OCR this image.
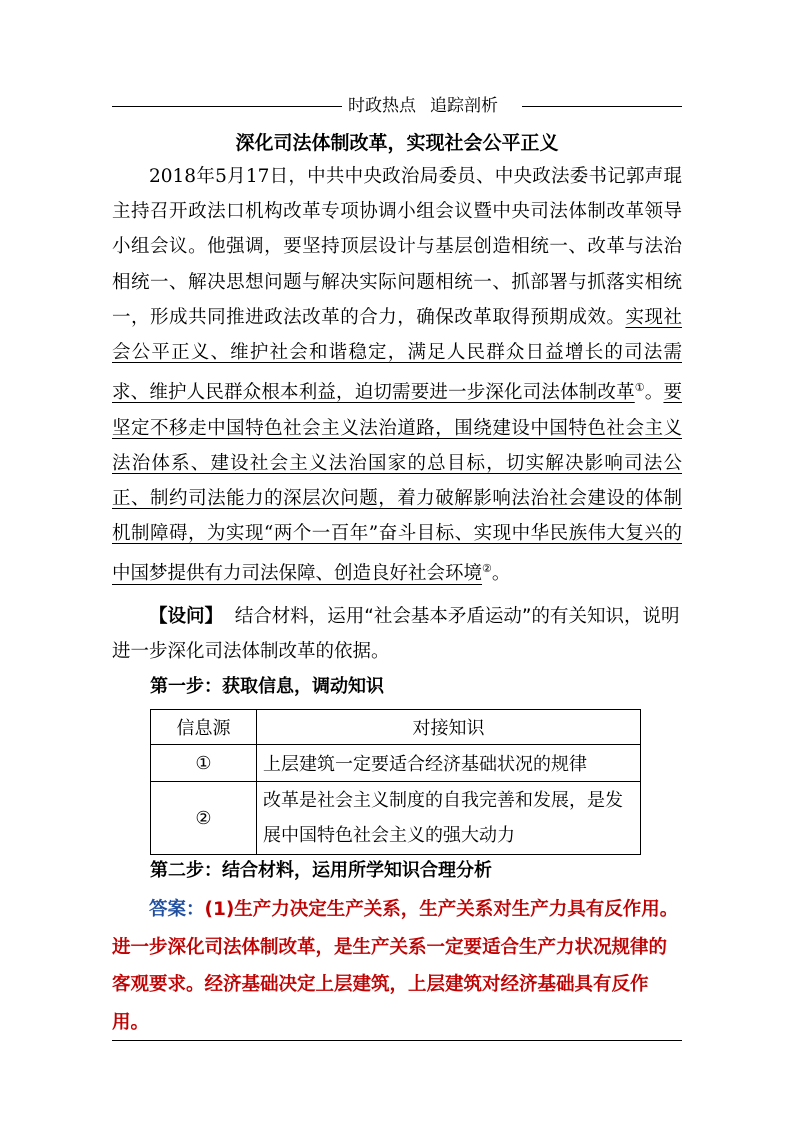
时政热点 追踪剖析
深化司法体制改革，实现社会公平正义

2018年5月17日，中共中央政治局委员、中央政法委书记郭声琨主持召开政法口机构改革专项协调小组会议暨中央司法体制改革领导小组会议。他强调，要坚持顶层设计与基层创造相统一、改革与法治相统一、解决思想问题与解决实际问题相统一、抓部署与抓落实相统一，形成共同推进政法改革的合力，确保改革取得预期成效。实现社会公平正义、维护社会和谐稳定，满足人民群众日益增长的司法需求、维护人民群众根本利益，迫切需要进一步深化司法体制改革①。要坚定不移走中国特色社会主义法治道路，围绕建设中国特色社会主义法治体系、建设社会主义法治国家的总目标，切实解决影响司法公正、制约司法能力的深层次问题，着力破解影响法治社会建设的体制机制障碍，为实现“两个一百年”奋斗目标、实现中华民族伟大复兴的中国梦提供有力司法保障、创造良好社会环境②。

【设问】 结合材料，运用“社会基本矛盾运动”的有关知识，说明进一步深化司法体制改革的依据。

第一步：获取信息，调动知识
信息源	对接知识
①	上层建筑一定要适合经济基础状况的规律
②	改革是社会主义制度的自我完善和发展，是发展中国特色社会主义的强大动力
第二步：结合材料，运用所学知识合理分析

答案：(1)生产力决定生产关系，生产关系对生产力具有反作用。进一步深化司法体制改革，是生产关系一定要适合生产力状况规律的客观要求。经济基础决定上层建筑，上层建筑对经济基础具有反作用。
